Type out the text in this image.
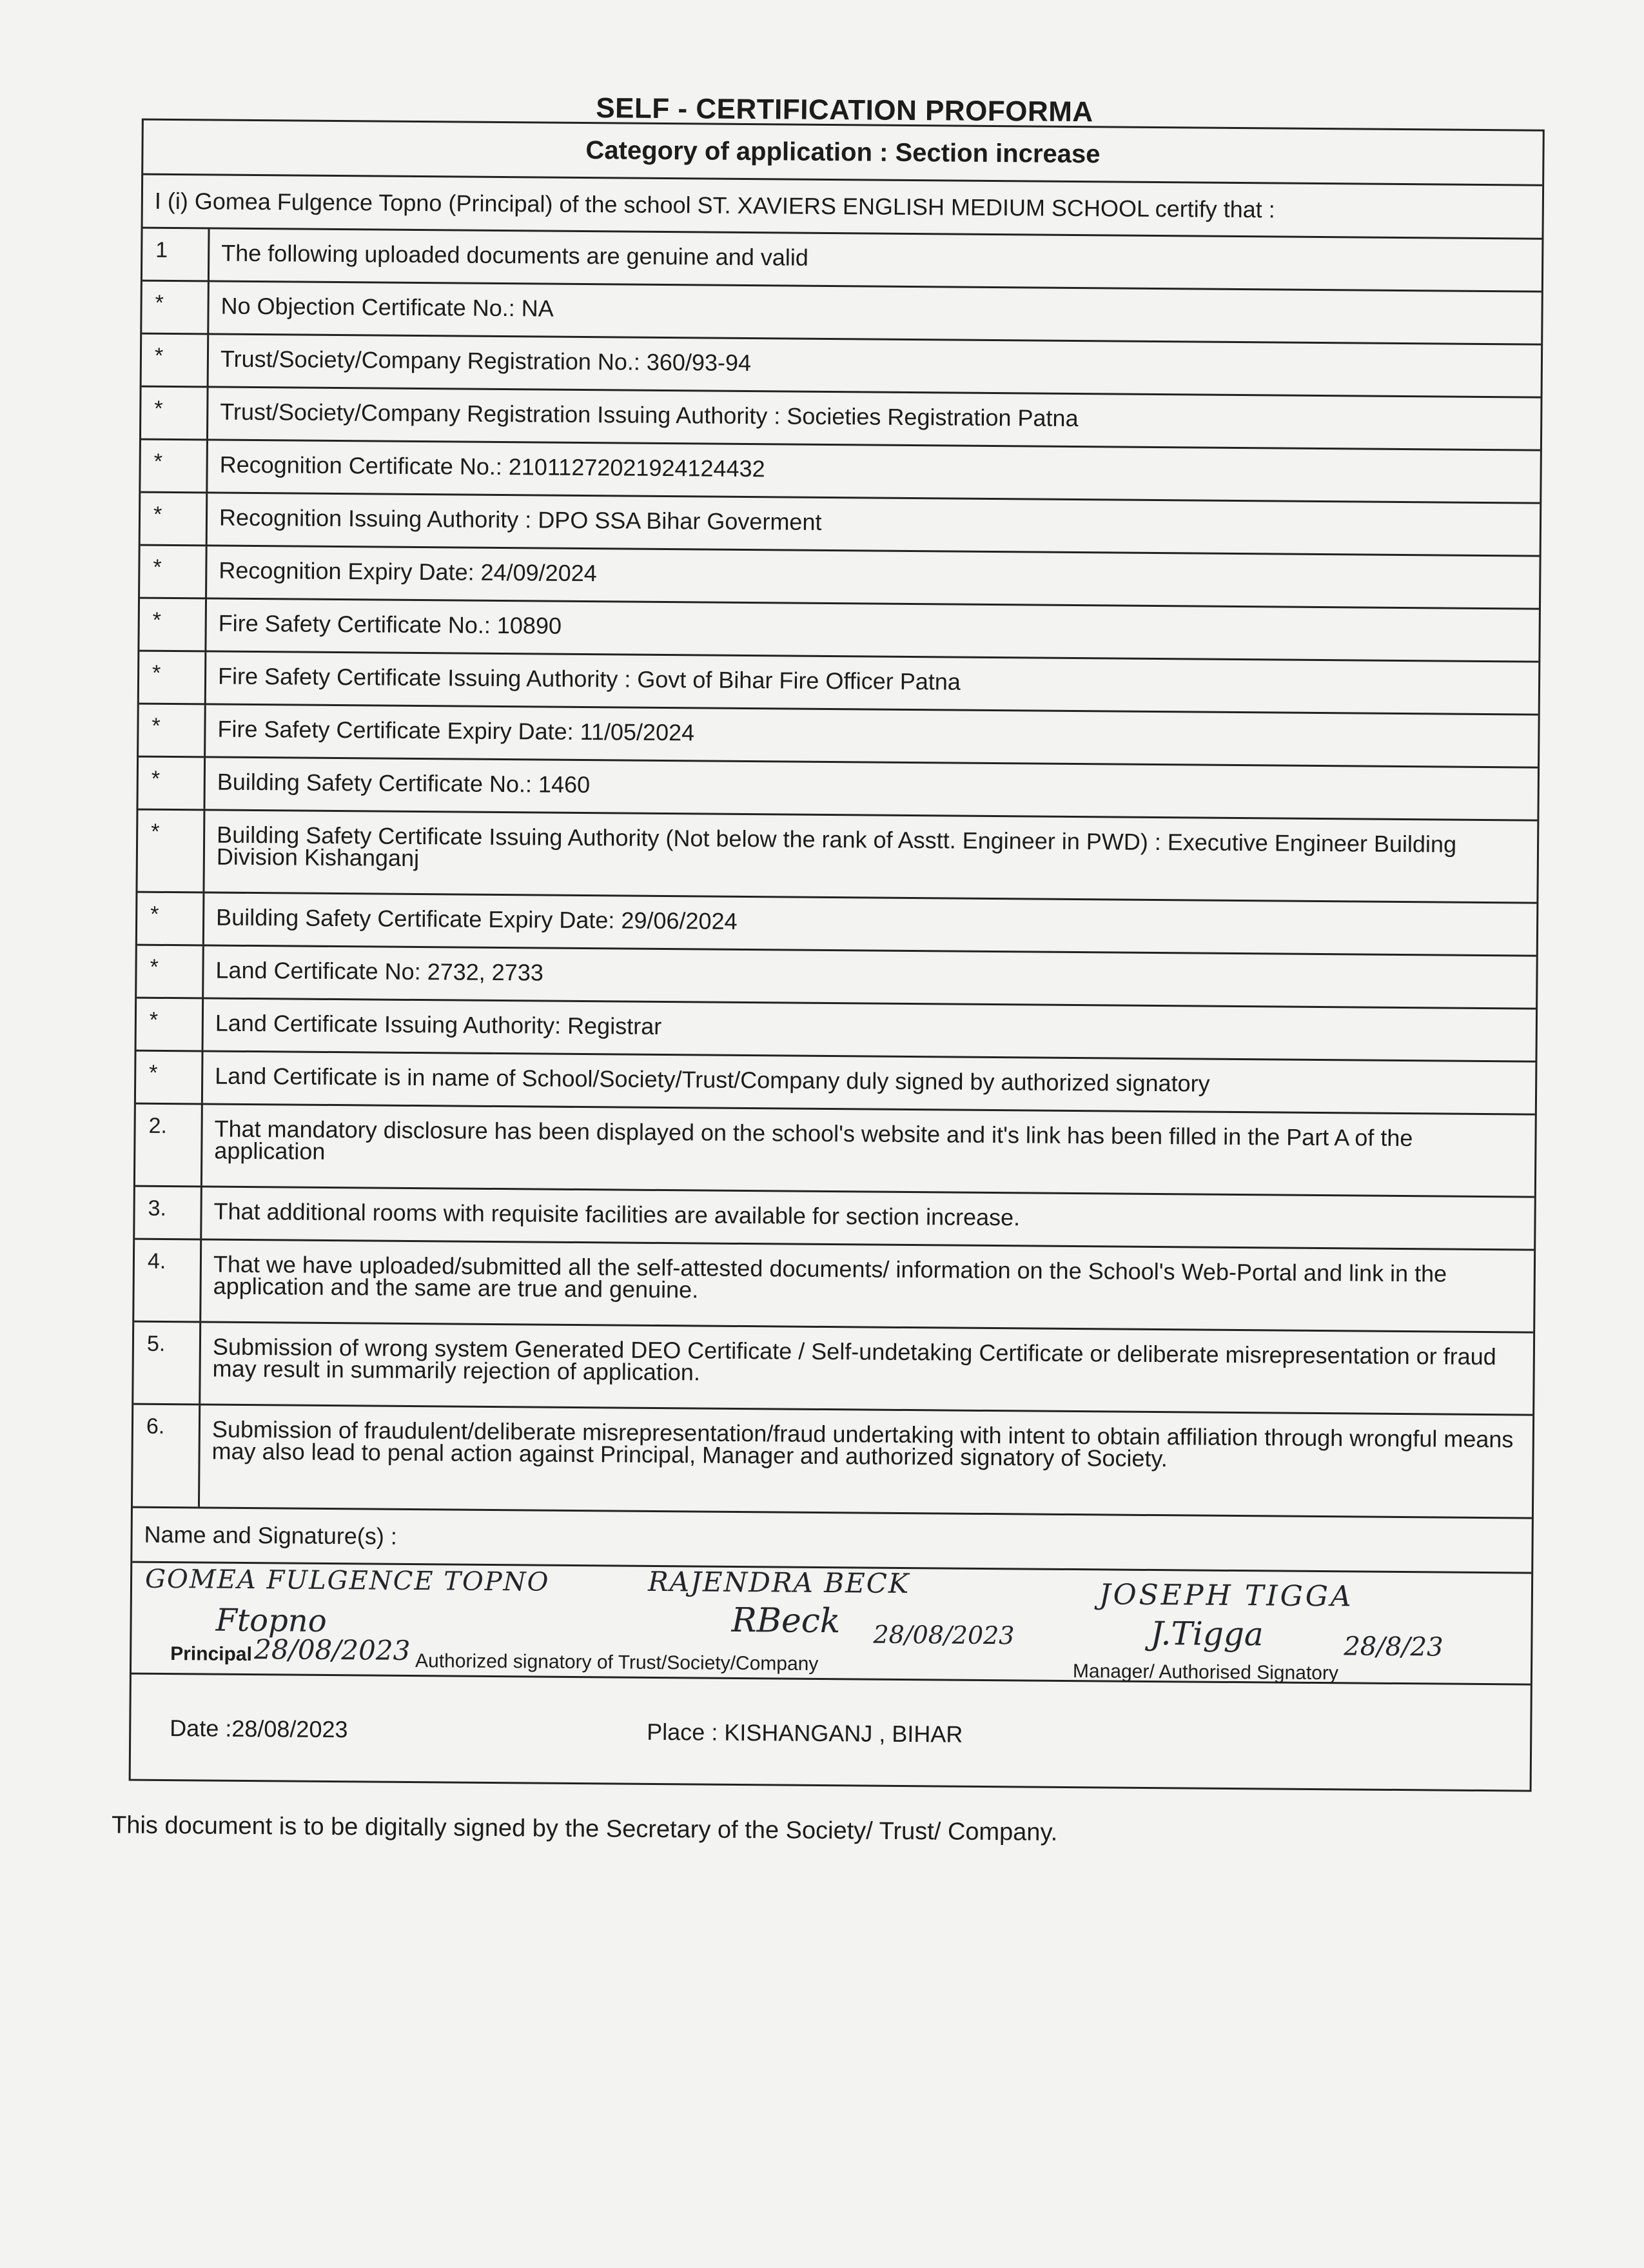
SELF - CERTIFICATION PROFORMA
Category of application : Section increase
I (i) Gomea Fulgence Topno (Principal) of the school ST. XAVIERS ENGLISH MEDIUM SCHOOL certify that :
1	The following uploaded documents are genuine and valid
*	No Objection Certificate No.: NA
*	Trust/Society/Company Registration No.: 360/93-94
*	Trust/Society/Company Registration Issuing Authority : Societies Registration Patna
*	Recognition Certificate No.: 21011272021924124432
*	Recognition Issuing Authority : DPO SSA Bihar Goverment
*	Recognition Expiry Date: 24/09/2024
*	Fire Safety Certificate No.: 10890
*	Fire Safety Certificate Issuing Authority : Govt of Bihar Fire Officer Patna
*	Fire Safety Certificate Expiry Date: 11/05/2024
*	Building Safety Certificate No.: 1460
*	Building Safety Certificate Issuing Authority (Not below the rank of Asstt. Engineer in PWD) : Executive Engineer Building Division Kishanganj
*	Building Safety Certificate Expiry Date: 29/06/2024
*	Land Certificate No: 2732, 2733
*	Land Certificate Issuing Authority: Registrar
*	Land Certificate is in name of School/Society/Trust/Company duly signed by authorized signatory
2.	That mandatory disclosure has been displayed on the school's website and it's link has been filled in the Part A of the application
3.	That additional rooms with requisite facilities are available for section increase.
4.	That we have uploaded/submitted all the self-attested documents/ information on the School's Web-Portal and link in the application and the same are true and genuine.
5.	Submission of wrong system Generated DEO Certificate / Self-undetaking Certificate or deliberate misrepresentation or fraud may result in summarily rejection of application.
6.	Submission of fraudulent/deliberate misrepresentation/fraud undertaking with intent to obtain affiliation through wrongful means may also lead to penal action against Principal, Manager and authorized signatory of Society.
Name and Signature(s) :
GOMEA FULGENCE TOPNO
Ftopno
Principal 28/08/2023
RAJENDRA BECK
RBeck 28/08/2023
Authorized signatory of Trust/Society/Company
JOSEPH TIGGA
J.Tigga	28/8/23
Manager/ Authorised Signatory
Date :28/08/2023	Place : KISHANGANJ , BIHAR
This document is to be digitally signed by the Secretary of the Society/ Trust/ Company.
